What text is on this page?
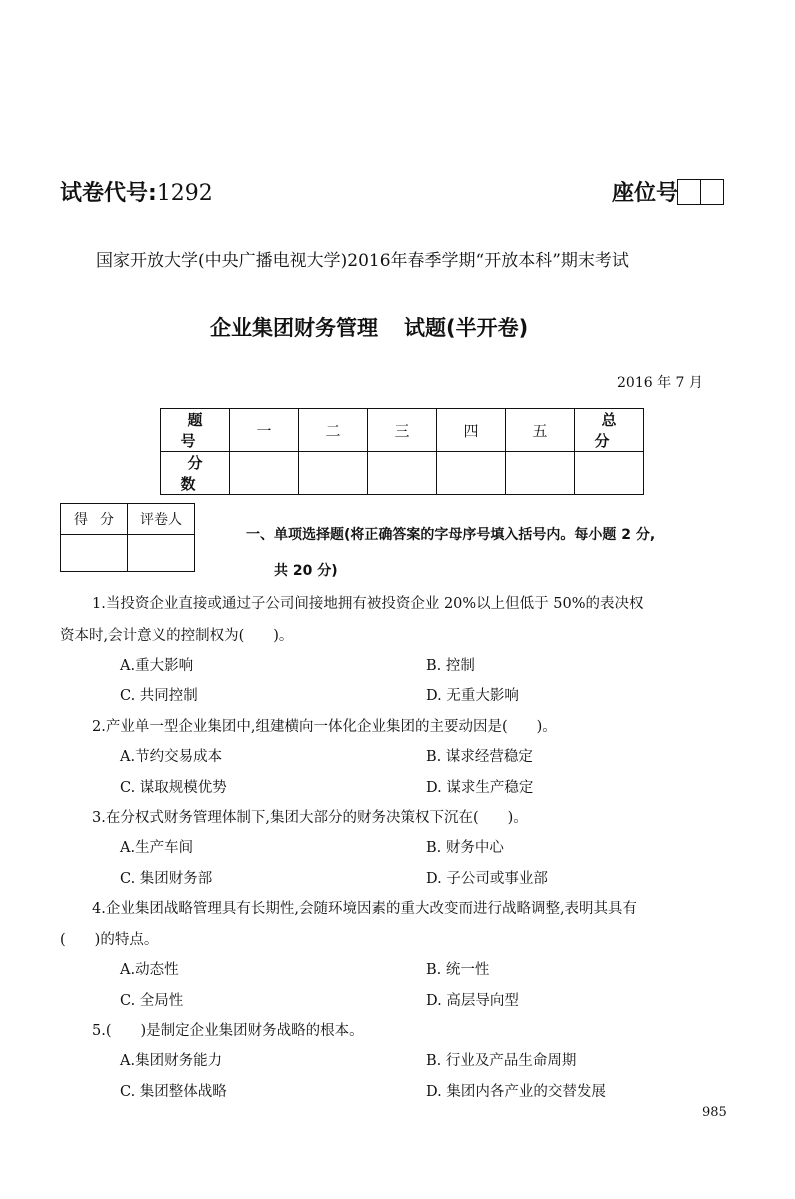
试卷代号:1292	座位号
国家开放大学(中央广播电视大学)2016年春季学期“开放本科”期末考试
企业集团财务管理 试题(半开卷)
2016 年 7 月
题号	一	二	三	四	五	总分
分数						
得分	评卷人

一、单项选择题(将正确答案的字母序号填入括号内。每小题 2 分,
共 20 分)
1.当投资企业直接或通过子公司间接地拥有被投资企业 20%以上但低于 50%的表决权
资本时,会计意义的控制权为(　　)。
A.重大影响	B. 控制
C. 共同控制	D. 无重大影响
2.产业单一型企业集团中,组建横向一体化企业集团的主要动因是(　　)。
A.节约交易成本	B. 谋求经营稳定
C. 谋取规模优势	D. 谋求生产稳定
3.在分权式财务管理体制下,集团大部分的财务决策权下沉在(　　)。
A.生产车间	B. 财务中心
C. 集团财务部	D. 子公司或事业部
4.企业集团战略管理具有长期性,会随环境因素的重大改变而进行战略调整,表明其具有
(　　)的特点。
A.动态性	B. 统一性
C. 全局性	D. 高层导向型
5.(　　)是制定企业集团财务战略的根本。
A.集团财务能力	B. 行业及产品生命周期
C. 集团整体战略	D. 集团内各产业的交替发展
985
